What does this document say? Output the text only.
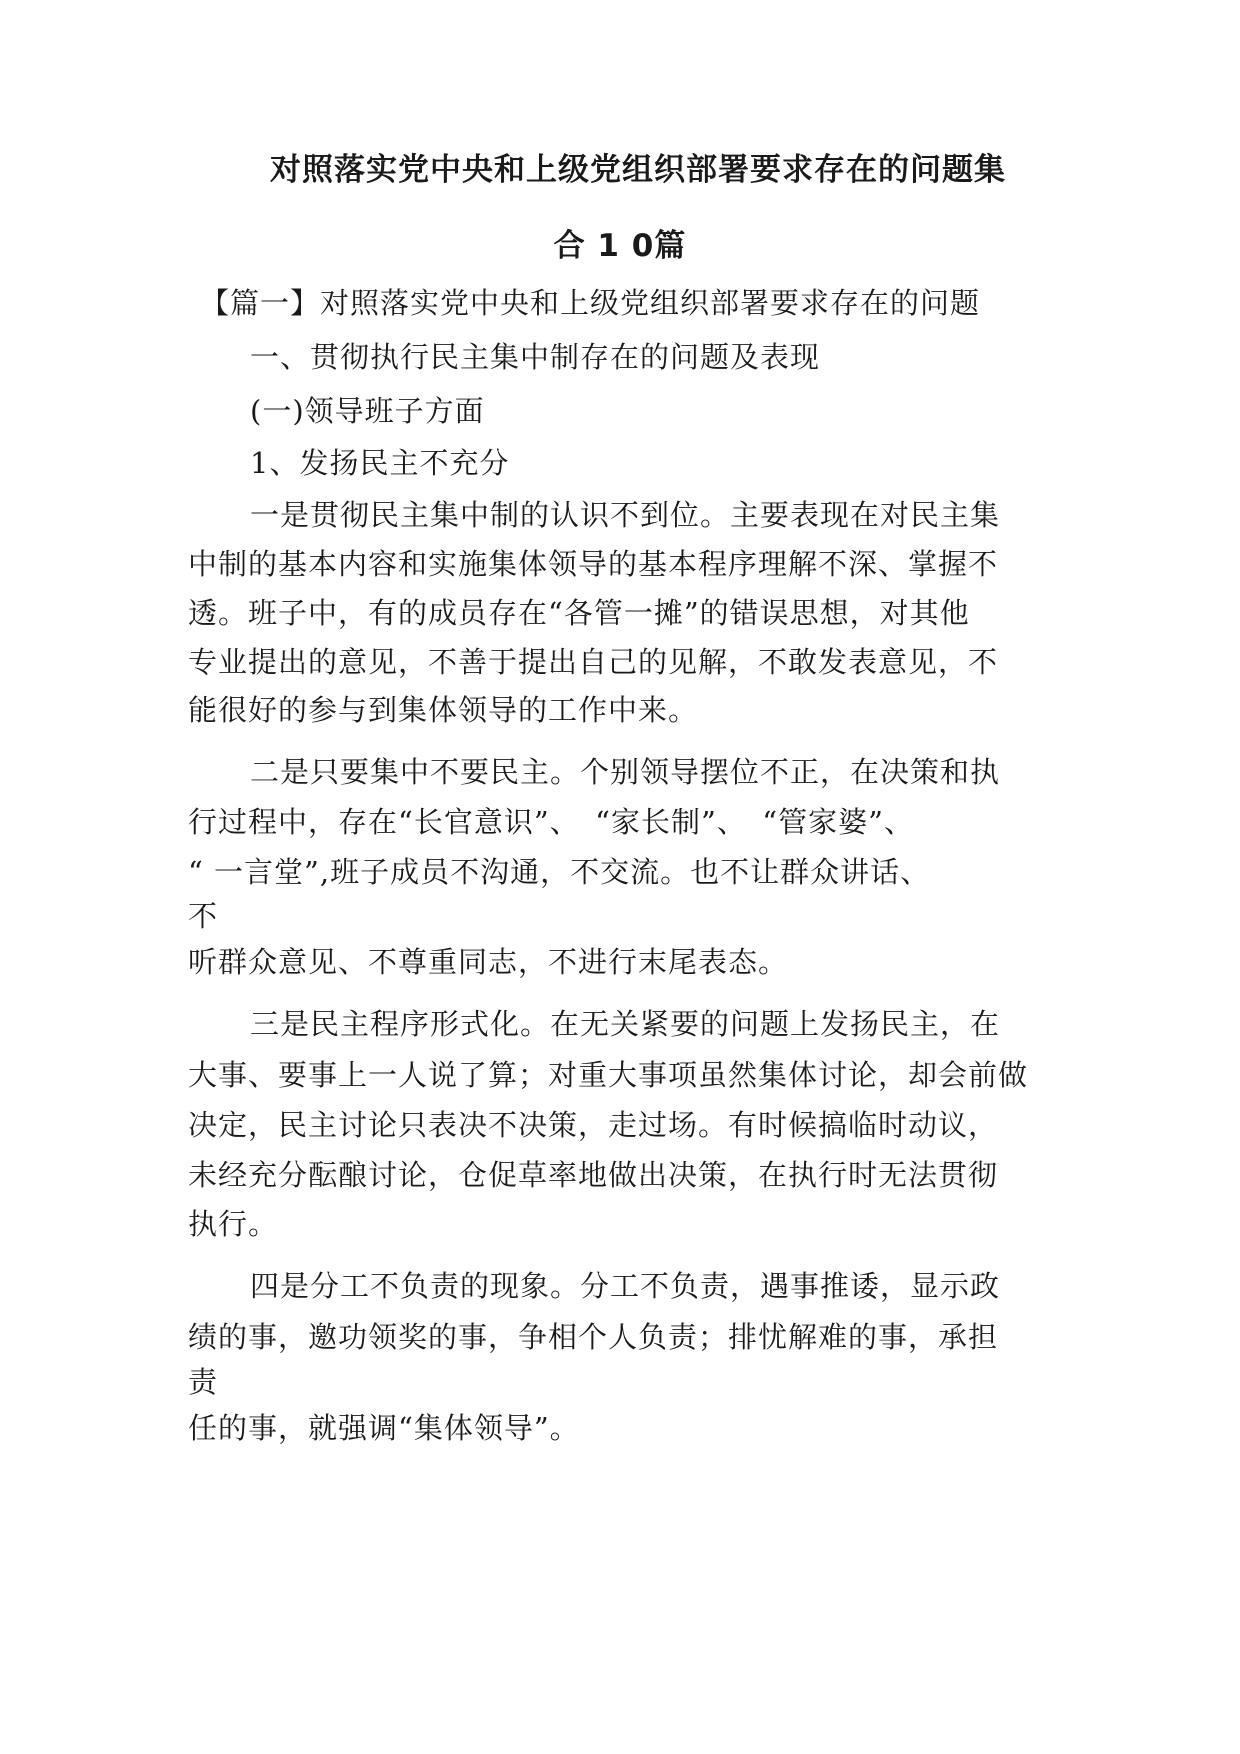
对照落实党中央和上级党组织部署要求存在的问题集
合 1 0篇
【篇一】对照落实党中央和上级党组织部署要求存在的问题
一、贯彻执行民主集中制存在的问题及表现
(一)领导班子方面
1、发扬民主不充分
一是贯彻民主集中制的认识不到位。主要表现在对民主集
中制的基本内容和实施集体领导的基本程序理解不深、掌握不
透。班子中，有的成员存在“各管一摊”的错误思想，对其他
专业提出的意见，不善于提出自己的见解，不敢发表意见，不
能很好的参与到集体领导的工作中来。
二是只要集中不要民主。个别领导摆位不正，在决策和执
行过程中，存在“长官意识”、　“家长制”、　“管家婆”、
“ 一言堂”,班子成员不沟通，不交流。也不让群众讲话、
不
听群众意见、不尊重同志，不进行末尾表态。
三是民主程序形式化。在无关紧要的问题上发扬民主，在
大事、要事上一人说了算；对重大事项虽然集体讨论，却会前做
决定，民主讨论只表决不决策，走过场。有时候搞临时动议，
未经充分酝酿讨论，仓促草率地做出决策，在执行时无法贯彻
执行。
四是分工不负责的现象。分工不负责，遇事推诿，显示政
绩的事，邀功领奖的事，争相个人负责；排忧解难的事，承担
责
任的事，就强调“集体领导”。
